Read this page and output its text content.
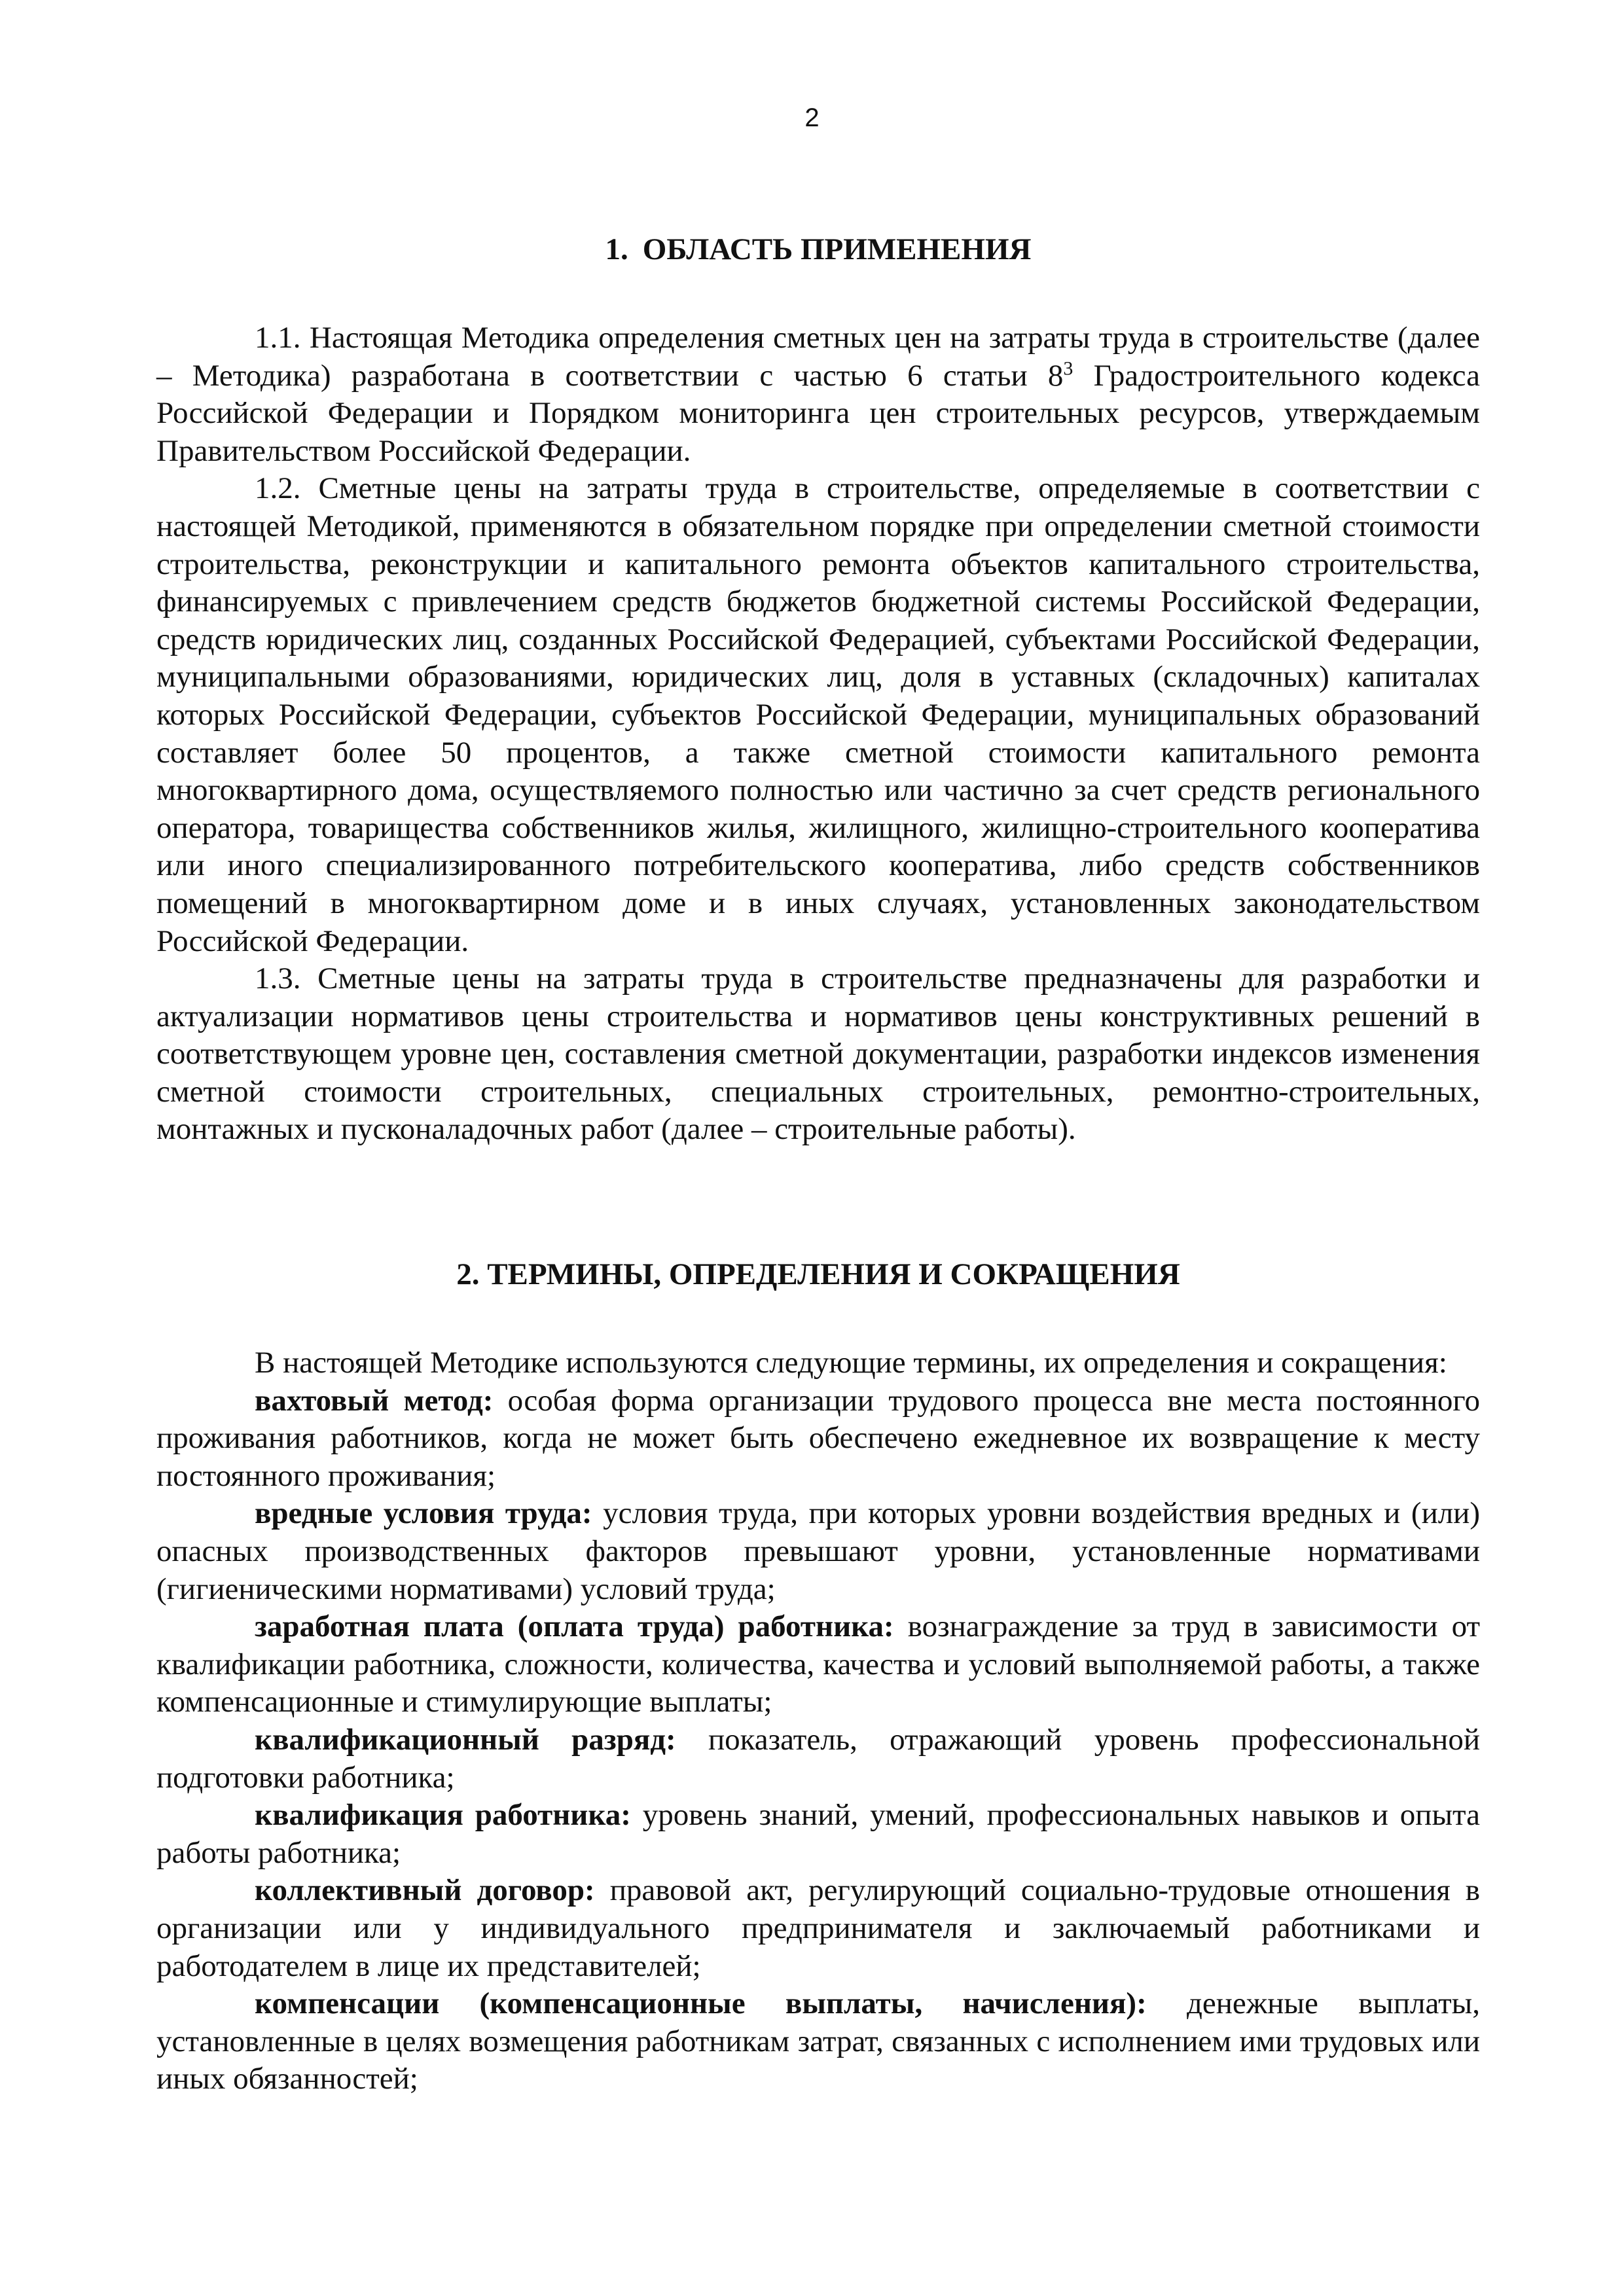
2
1. ОБЛАСТЬ ПРИМЕНЕНИЯ

1.1. Настоящая Методика определения сметных цен на затраты труда в строительстве (далее – Методика) разработана в соответствии с частью 6 статьи $8^3$ Градостроительного кодекса Российской Федерации и Порядком мониторинга цен строительных ресурсов, утверждаемым Правительством Российской Федерации.

1.2. Сметные цены на затраты труда в строительстве, определяемые в соответствии с настоящей Методикой, применяются в обязательном порядке при определении сметной стоимости строительства, реконструкции и капитального ремонта объектов капитального строительства, финансируемых с привлечением средств бюджетов бюджетной системы Российской Федерации, средств юридических лиц, созданных Российской Федерацией, субъектами Российской Федерации, муниципальными образованиями, юридических лиц, доля в уставных (складочных) капиталах которых Российской Федерации, субъектов Российской Федерации, муниципальных образований составляет более 50 процентов, а также сметной стоимости капитального ремонта многоквартирного дома, осуществляемого полностью или частично за счет средств регионального оператора, товарищества собственников жилья, жилищного, жилищно-строительного кооператива или иного специализированного потребительского кооператива, либо средств собственников помещений в многоквартирном доме и в иных случаях, установленных законодательством Российской Федерации.

1.3. Сметные цены на затраты труда в строительстве предназначены для разработки и актуализации нормативов цены строительства и нормативов цены конструктивных решений в соответствующем уровне цен, составления сметной документации, разработки индексов изменения сметной стоимости строительных, специальных строительных, ремонтно-строительных, монтажных и пусконаладочных работ (далее – строительные работы).

2. ТЕРМИНЫ, ОПРЕДЕЛЕНИЯ И СОКРАЩЕНИЯ

В настоящей Методике используются следующие термины, их определения и сокращения:

вахтовый метод: особая форма организации трудового процесса вне места постоянного проживания работников, когда не может быть обеспечено ежедневное их возвращение к месту постоянного проживания;

вредные условия труда: условия труда, при которых уровни воздействия вредных и (или) опасных производственных факторов превышают уровни, установленные нормативами (гигиеническими нормативами) условий труда;

заработная плата (оплата труда) работника: вознаграждение за труд в зависимости от квалификации работника, сложности, количества, качества и условий выполняемой работы, а также компенсационные и стимулирующие выплаты;

квалификационный разряд: показатель, отражающий уровень профессиональной подготовки работника;

квалификация работника: уровень знаний, умений, профессиональных навыков и опыта работы работника;

коллективный договор: правовой акт, регулирующий социально-трудовые отношения в организации или у индивидуального предпринимателя и заключаемый работниками и работодателем в лице их представителей;

компенсации (компенсационные выплаты, начисления): денежные выплаты, установленные в целях возмещения работникам затрат, связанных с исполнением ими трудовых или иных обязанностей;
